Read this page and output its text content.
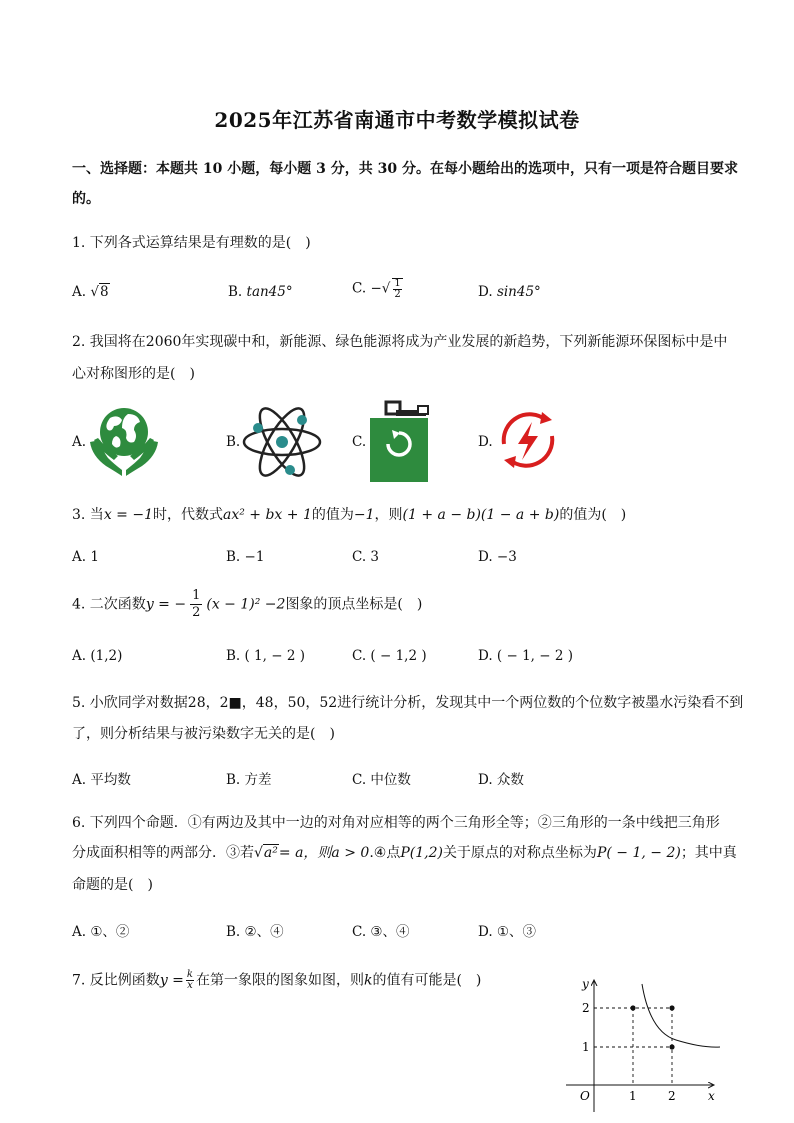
2025年江苏省南通市中考数学模拟试卷
一、选择题：本题共 10 小题，每小题 3 分，共 30 分。在每小题给出的选项中，只有一项是符合题目要求
的。
1. 下列各式运算结果是有理数的是(　)
A. √8	B. tan45°	C. −√ $\frac{1}{2}$	D. sin45°
2. 我国将在2060年实现碳中和，新能源、绿色能源将成为产业发展的新趋势，下列新能源环保图标中是中
心对称图形的是(　)
A.	B.	C.	D.
3. 当x = −1时，代数式ax² + bx + 1的值为−1，则(1 + a − b)(1 − a + b)的值为(　)
A. 1	B. −1	C. 3	D. −3
4. 二次函数y = − $\frac{1}{2} (x - 1)^2 -2$图象的顶点坐标是(　)
A. (1,2)	B. ( 1, − 2 )	C. ( − 1,2 )	D. ( − 1, − 2 )
5. 小欣同学对数据28，2■，48，50，52进行统计分析，发现其中一个两位数的个位数字被墨水污染看不到
了，则分析结果与被污染数字无关的是(　)
A. 平均数	B. 方差	C. 中位数	D. 众数
6. 下列四个命题．①有两边及其中一边的对角对应相等的两个三角形全等；②三角形的一条中线把三角形
分成面积相等的两部分．③若√a²= a，则a > 0.④点P(1,2)关于原点的对称点坐标为P( − 1, − 2)；其中真
命题的是(　)
A. ①、②	B. ②、④	C. ③、④	D. ①、③
7. 反比例函数$y = \frac{k}{x}$ 在第一象限的图象如图，则k的值有可能是(　)	y
x
O	1	2
1
2
